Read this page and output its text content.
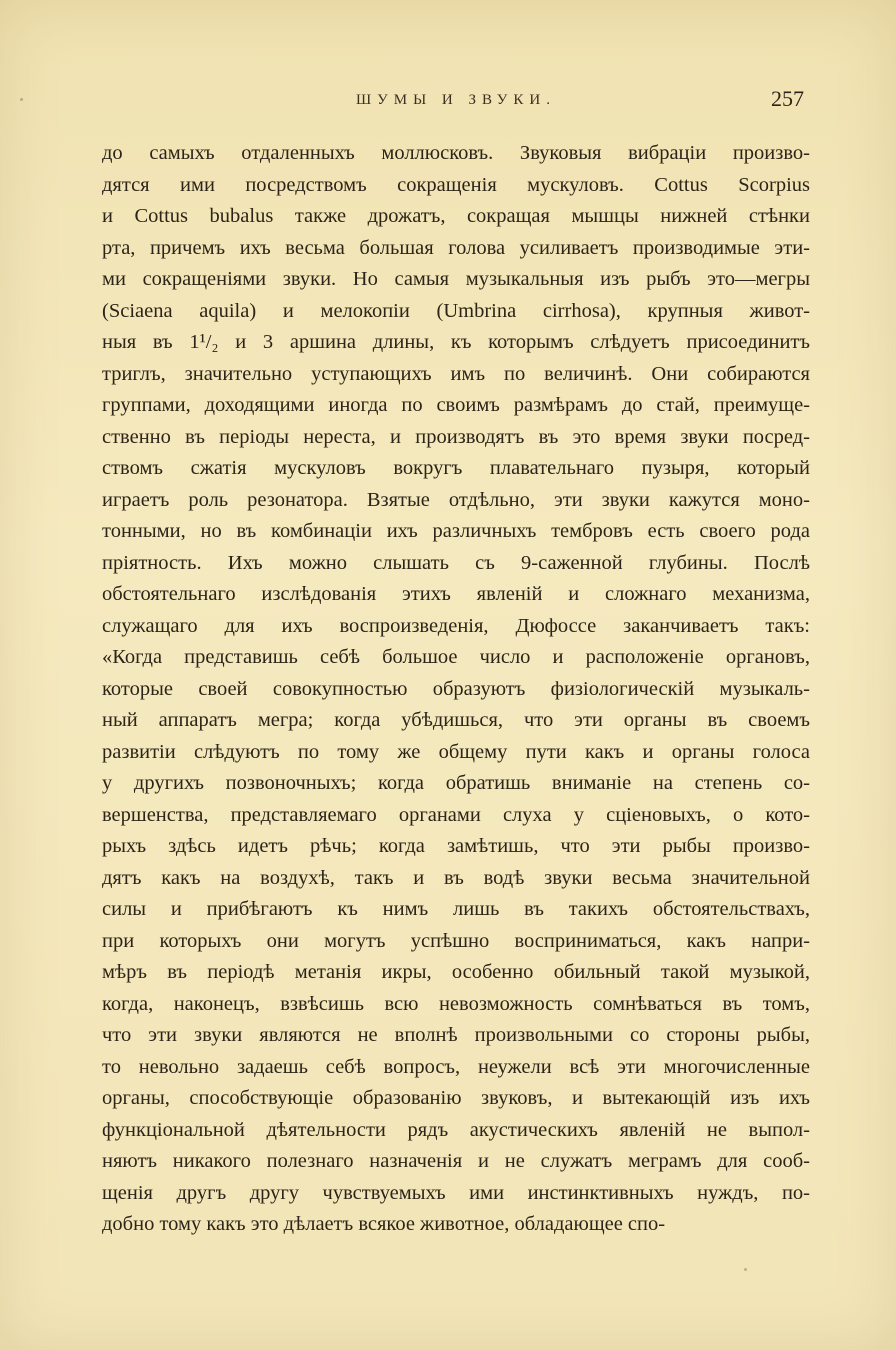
ШУМЫ И ЗВУКИ.	257
до самыхъ отдаленныхъ моллюсковъ. Звуковыя вибраціи произво-
дятся ими посредствомъ сокращенія мускуловъ. Cottus Scorpius
и Cottus bubalus также дрожатъ, сокращая мышцы нижней стѣнки
рта, причемъ ихъ весьма большая голова усиливаетъ производимые эти-
ми сокращеніями звуки. Но самыя музыкальныя изъ рыбъ это—мегры
(Sciaena aquila) и мелокопіи (Umbrina cirrhosa), крупныя живот-
ныя въ 1¹/₂ и 3 аршина длины, къ которымъ слѣдуетъ присоединитъ
триглъ, значительно уступающихъ имъ по величинѣ. Они собираются
группами, доходящими иногда по своимъ размѣрамъ до стай, преимуще-
ственно въ періоды нереста, и производятъ въ это время звуки посред-
ствомъ сжатія мускуловъ вокругъ плавательнаго пузыря, который
играетъ роль резонатора. Взятые отдѣльно, эти звуки кажутся моно-
тонными, но въ комбинаціи ихъ различныхъ тембровъ есть своего рода
пріятность. Ихъ можно слышать съ 9-саженной глубины. Послѣ
обстоятельнаго изслѣдованія этихъ явленій и сложнаго механизма,
служащаго для ихъ воспроизведенія, Дюфоссе заканчиваетъ такъ:
«Когда представишь себѣ большое число и расположеніе органовъ,
которые своей совокупностью образуютъ физіологическій музыкаль-
ный аппаратъ мегра; когда убѣдишься, что эти органы въ своемъ
развитіи слѣдуютъ по тому же общему пути какъ и органы голоса
у другихъ позвоночныхъ; когда обратишь вниманіе на степень со-
вершенства, представляемаго органами слуха у сціеновыхъ, о кото-
рыхъ здѣсь идетъ рѣчь; когда замѣтишь, что эти рыбы произво-
дятъ какъ на воздухѣ, такъ и въ водѣ звуки весьма значительной
силы и прибѣгаютъ къ нимъ лишь въ такихъ обстоятельствахъ,
при которыхъ они могутъ успѣшно восприниматься, какъ напри-
мѣръ въ періодѣ метанія икры, особенно обильный такой музыкой,
когда, наконецъ, взвѣсишь всю невозможность сомнѣваться въ томъ,
что эти звуки являются не вполнѣ произвольными со стороны рыбы,
то невольно задаешь себѣ вопросъ, неужели всѣ эти многочисленные
органы, способствующіе образованію звуковъ, и вытекающій изъ ихъ
функціональной дѣятельности рядъ акустическихъ явленій не выпол-
няютъ никакого полезнаго назначенія и не служатъ меграмъ для сооб-
щенія другъ другу чувствуемыхъ ими инстинктивныхъ нуждъ, по-
добно тому какъ это дѣлаетъ всякое животное, обладающее спо-
